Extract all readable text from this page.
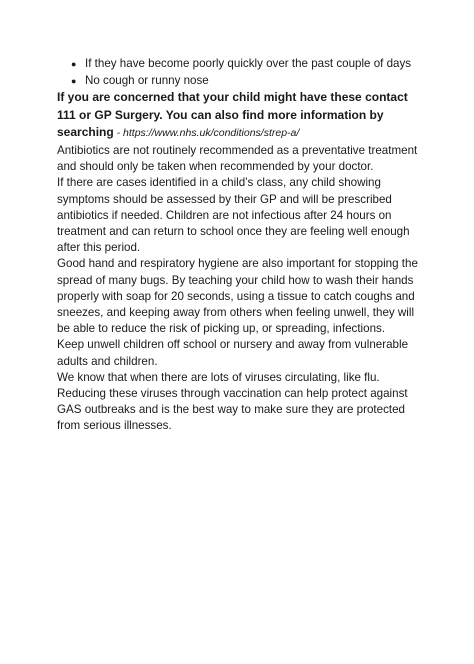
● If they have become poorly quickly over the past couple of days
● No cough or runny nose

If you are concerned that your child might have these contact 111 or GP Surgery. You can also find more information by searching - https://www.nhs.uk/conditions/strep-a/

Antibiotics are not routinely recommended as a preventative treatment and should only be taken when recommended by your doctor.

If there are cases identified in a child’s class, any child showing symptoms should be assessed by their GP and will be prescribed antibiotics if needed. Children are not infectious after 24 hours on treatment and can return to school once they are feeling well enough after this period.

Good hand and respiratory hygiene are also important for stopping the spread of many bugs. By teaching your child how to wash their hands properly with soap for 20 seconds, using a tissue to catch coughs and sneezes, and keeping away from others when feeling unwell, they will be able to reduce the risk of picking up, or spreading, infections.

Keep unwell children off school or nursery and away from vulnerable adults and children.

We know that when there are lots of viruses circulating, like flu. Reducing these viruses through vaccination can help protect against GAS outbreaks and is the best way to make sure they are protected from serious illnesses.
